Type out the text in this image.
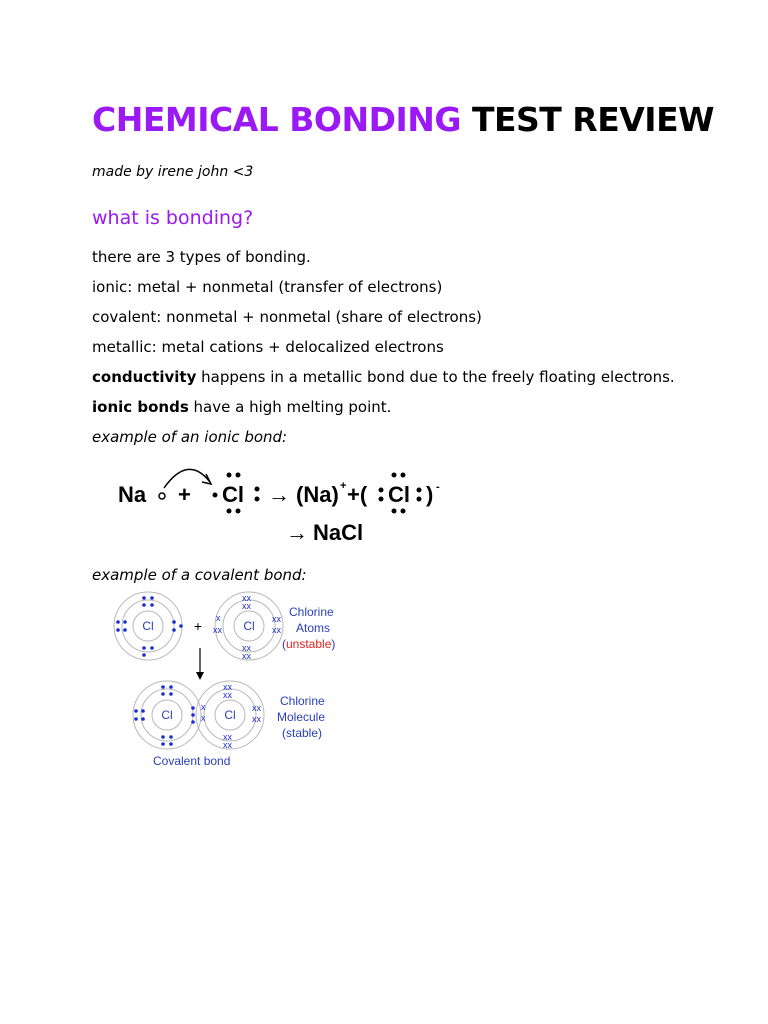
CHEMICAL BONDING TEST REVIEW

made by irene john <3

what is bonding?

there are 3 types of bonding.

ionic: metal + nonmetal (transfer of electrons)

covalent: nonmetal + nonmetal (share of electrons)

metallic: metal cations + delocalized electrons

conductivity happens in a metallic bond due to the freely floating electrons.

ionic bonds have a high melting point.

example of an ionic bond:

Na + Cl → (Na) + +( Cl ) -
→ NaCl

example of a covalent bond:

xx
xx
xx
xx
x
xx
xx
xx
xx
xx
xx
xx
x
x
xx
xx
Cl	Cl
Cl	Cl
+
Chlorine
Atoms
(unstable)
Chlorine
Molecule
(stable)
Covalent bond
